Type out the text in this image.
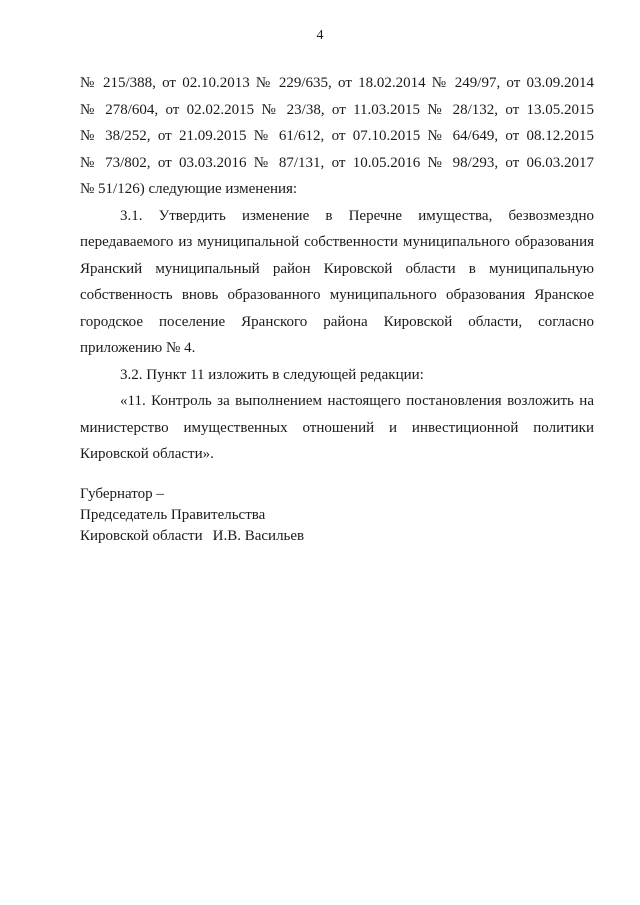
4
№ 215/388, от 02.10.2013 № 229/635, от 18.02.2014 № 249/97, от 03.09.2014
№ 278/604, от 02.02.2015 № 23/38, от 11.03.2015 № 28/132, от 13.05.2015
№ 38/252, от 21.09.2015 № 61/612, от 07.10.2015 № 64/649, от 08.12.2015
№ 73/802, от 03.03.2016 № 87/131, от 10.05.2016 № 98/293, от 06.03.2017
№ 51/126) следующие изменения:
3.1. Утвердить изменение в Перечне имущества, безвозмездно
передаваемого из муниципальной собственности муниципального образования
Яранский муниципальный район Кировской области в муниципальную
собственность вновь образованного муниципального образования Яранское
городское поселение Яранского района Кировской области, согласно
приложению № 4.
3.2. Пункт 11 изложить в следующей редакции:
«11. Контроль за выполнением настоящего постановления возложить на
министерство имущественных отношений и инвестиционной политики
Кировской области».
Губернатор –
Председатель Правительства
Кировской области И.В. Васильев
